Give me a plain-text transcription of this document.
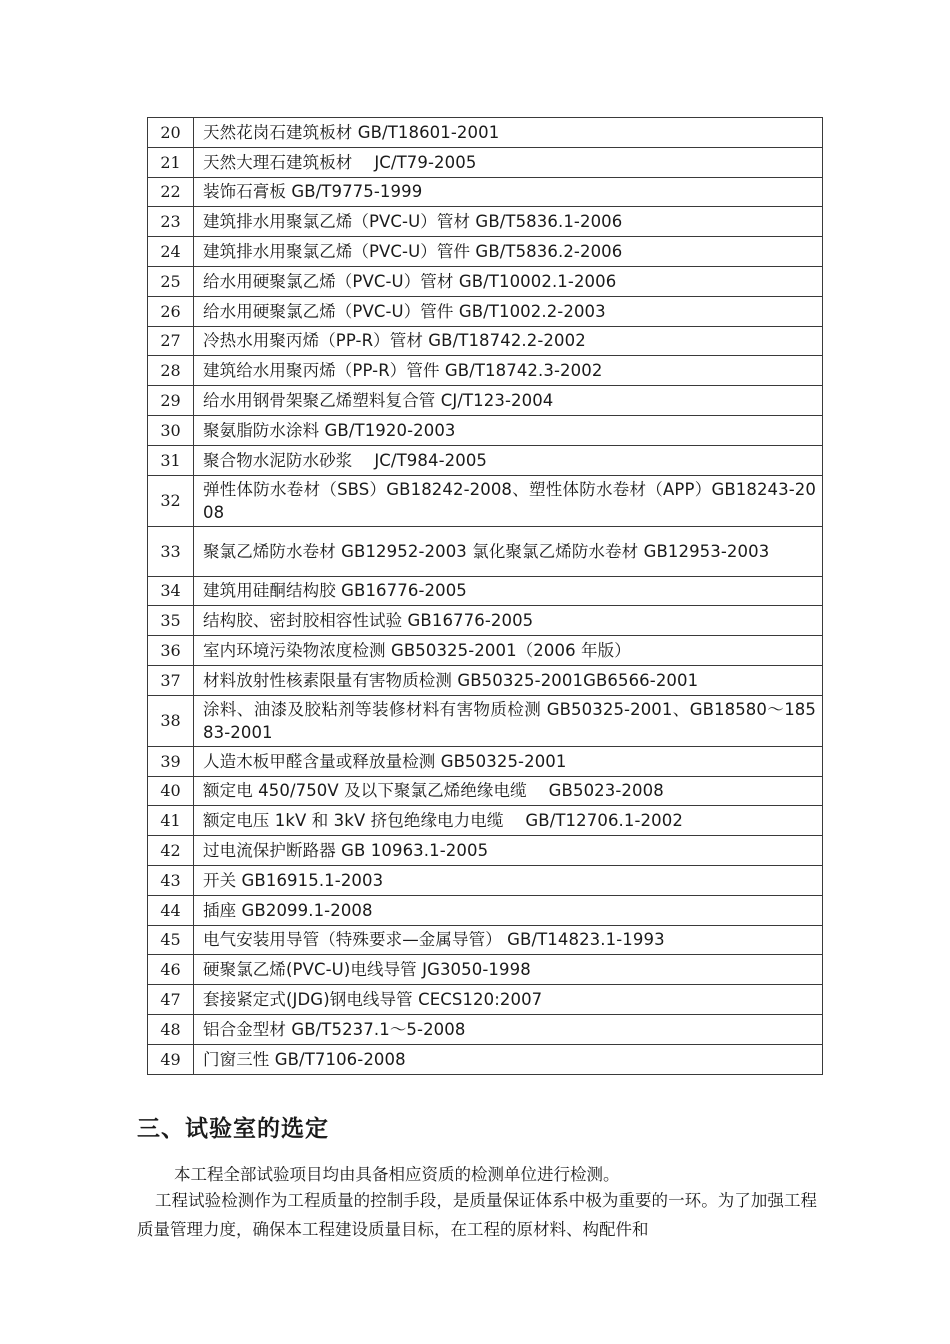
20	天然花岗石建筑板材 GB/T18601-2001
21	天然大理石建筑板材　 JC/T79-2005
22	装饰石膏板 GB/T9775-1999
23	建筑排水用聚氯乙烯（PVC-U）管材 GB/T5836.1-2006
24	建筑排水用聚氯乙烯（PVC-U）管件 GB/T5836.2-2006
25	给水用硬聚氯乙烯（PVC-U）管材 GB/T10002.1-2006
26	给水用硬聚氯乙烯（PVC-U）管件 GB/T1002.2-2003
27	冷热水用聚丙烯（PP-R）管材 GB/T18742.2-2002
28	建筑给水用聚丙烯（PP-R）管件 GB/T18742.3-2002
29	给水用钢骨架聚乙烯塑料复合管 CJ/T123-2004
30	聚氨脂防水涂料 GB/T1920-2003
31	聚合物水泥防水砂浆　 JC/T984-2005
32	弹性体防水卷材（SBS）GB18242-2008、塑性体防水卷材（APP）GB18243-2008
33	聚氯乙烯防水卷材 GB12952-2003 氯化聚氯乙烯防水卷材 GB12953-2003
34	建筑用硅酮结构胶 GB16776-2005
35	结构胶、密封胶相容性试验 GB16776-2005
36	室内环境污染物浓度检测 GB50325-2001（2006 年版）
37	材料放射性核素限量有害物质检测 GB50325-2001GB6566-2001
38	涂料、油漆及胶粘剂等装修材料有害物质检测 GB50325-2001、GB18580～18583-2001
39	人造木板甲醛含量或释放量检测 GB50325-2001
40	额定电 450/750V 及以下聚氯乙烯绝缘电缆　 GB5023-2008
41	额定电压 1kV 和 3kV 挤包绝缘电力电缆　 GB/T12706.1-2002
42	过电流保护断路器 GB 10963.1-2005
43	开关 GB16915.1-2003
44	插座 GB2099.1-2008
45	电气安装用导管（特殊要求—金属导管） GB/T14823.1-1993
46	硬聚氯乙烯(PVC-U)电线导管 JG3050-1998
47	套接紧定式(JDG)钢电线导管 CECS120:2007
48	铝合金型材 GB/T5237.1～5-2008
49	门窗三性 GB/T7106-2008
三、试验室的选定

本工程全部试验项目均由具备相应资质的检测单位进行检测。

工程试验检测作为工程质量的控制手段，是质量保证体系中极为重要的一环。为了加强工程质量管理力度，确保本工程建设质量目标，在工程的原材料、构配件和
